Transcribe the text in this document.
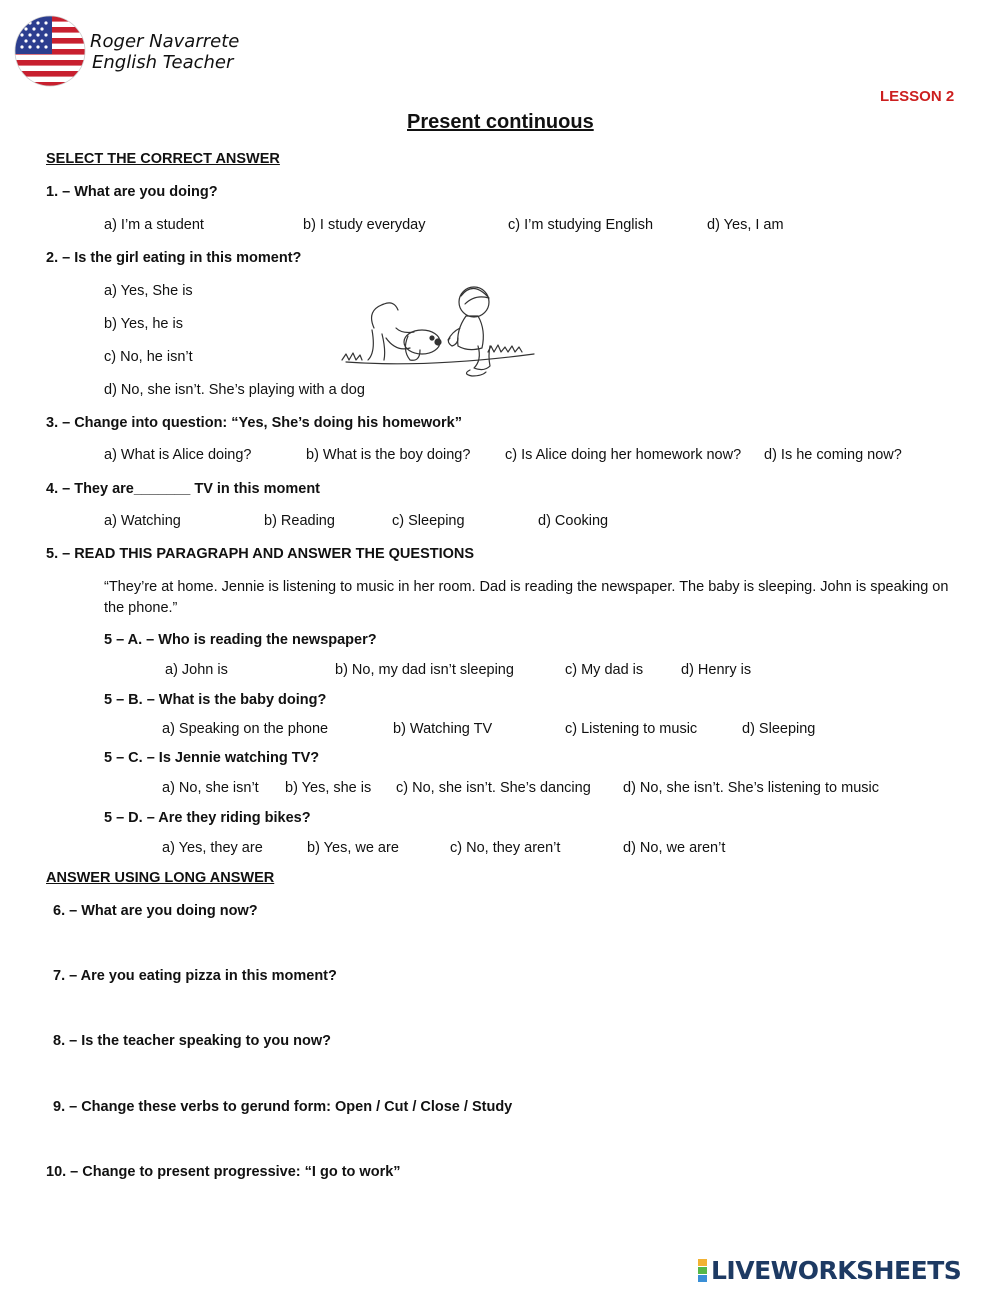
Roger Navarrete
English Teacher
LESSON 2
Present continuous
SELECT THE CORRECT ANSWER
1. – What are you doing?
a) I’m a student	b) I study everyday	c) I’m studying English	d) Yes, I am
2. – Is the girl eating in this moment?
a) Yes, She is
b) Yes, he is
c) No, he isn’t
d) No, she isn’t. She’s playing with a dog
3. – Change into question: “Yes, She’s doing his homework”
a) What is Alice doing?	b) What is the boy doing? c) Is Alice doing her homework now? d) Is he coming now?
4. – They are_______ TV in this moment
a) Watching	b) Reading	c) Sleeping	d) Cooking
5. – READ THIS PARAGRAPH AND ANSWER THE QUESTIONS
“They’re at home. Jennie is listening to music in her room. Dad is reading the newspaper. The baby is sleeping. John is speaking on the phone.”
5 – A. – Who is reading the newspaper?
a) John is	b) No, my dad isn’t sleeping	c) My dad is	d) Henry is
5 – B. – What is the baby doing?
a) Speaking on the phone	b) Watching TV	c) Listening to music	d) Sleeping
5 – C. – Is Jennie watching TV?
a) No, she isn’t b) Yes, she is c) No, she isn’t. She’s dancing d) No, she isn’t. She’s listening to music
5 – D. – Are they riding bikes?
a) Yes, they are	b) Yes, we are	c) No, they aren’t	d) No, we aren’t
ANSWER USING LONG ANSWER
6. – What are you doing now?
7. – Are you eating pizza in this moment?
8. – Is the teacher speaking to you now?
9. – Change these verbs to gerund form: Open / Cut / Close / Study
10. – Change to present progressive: “I go to work”
LIVEWORKSHEETS
